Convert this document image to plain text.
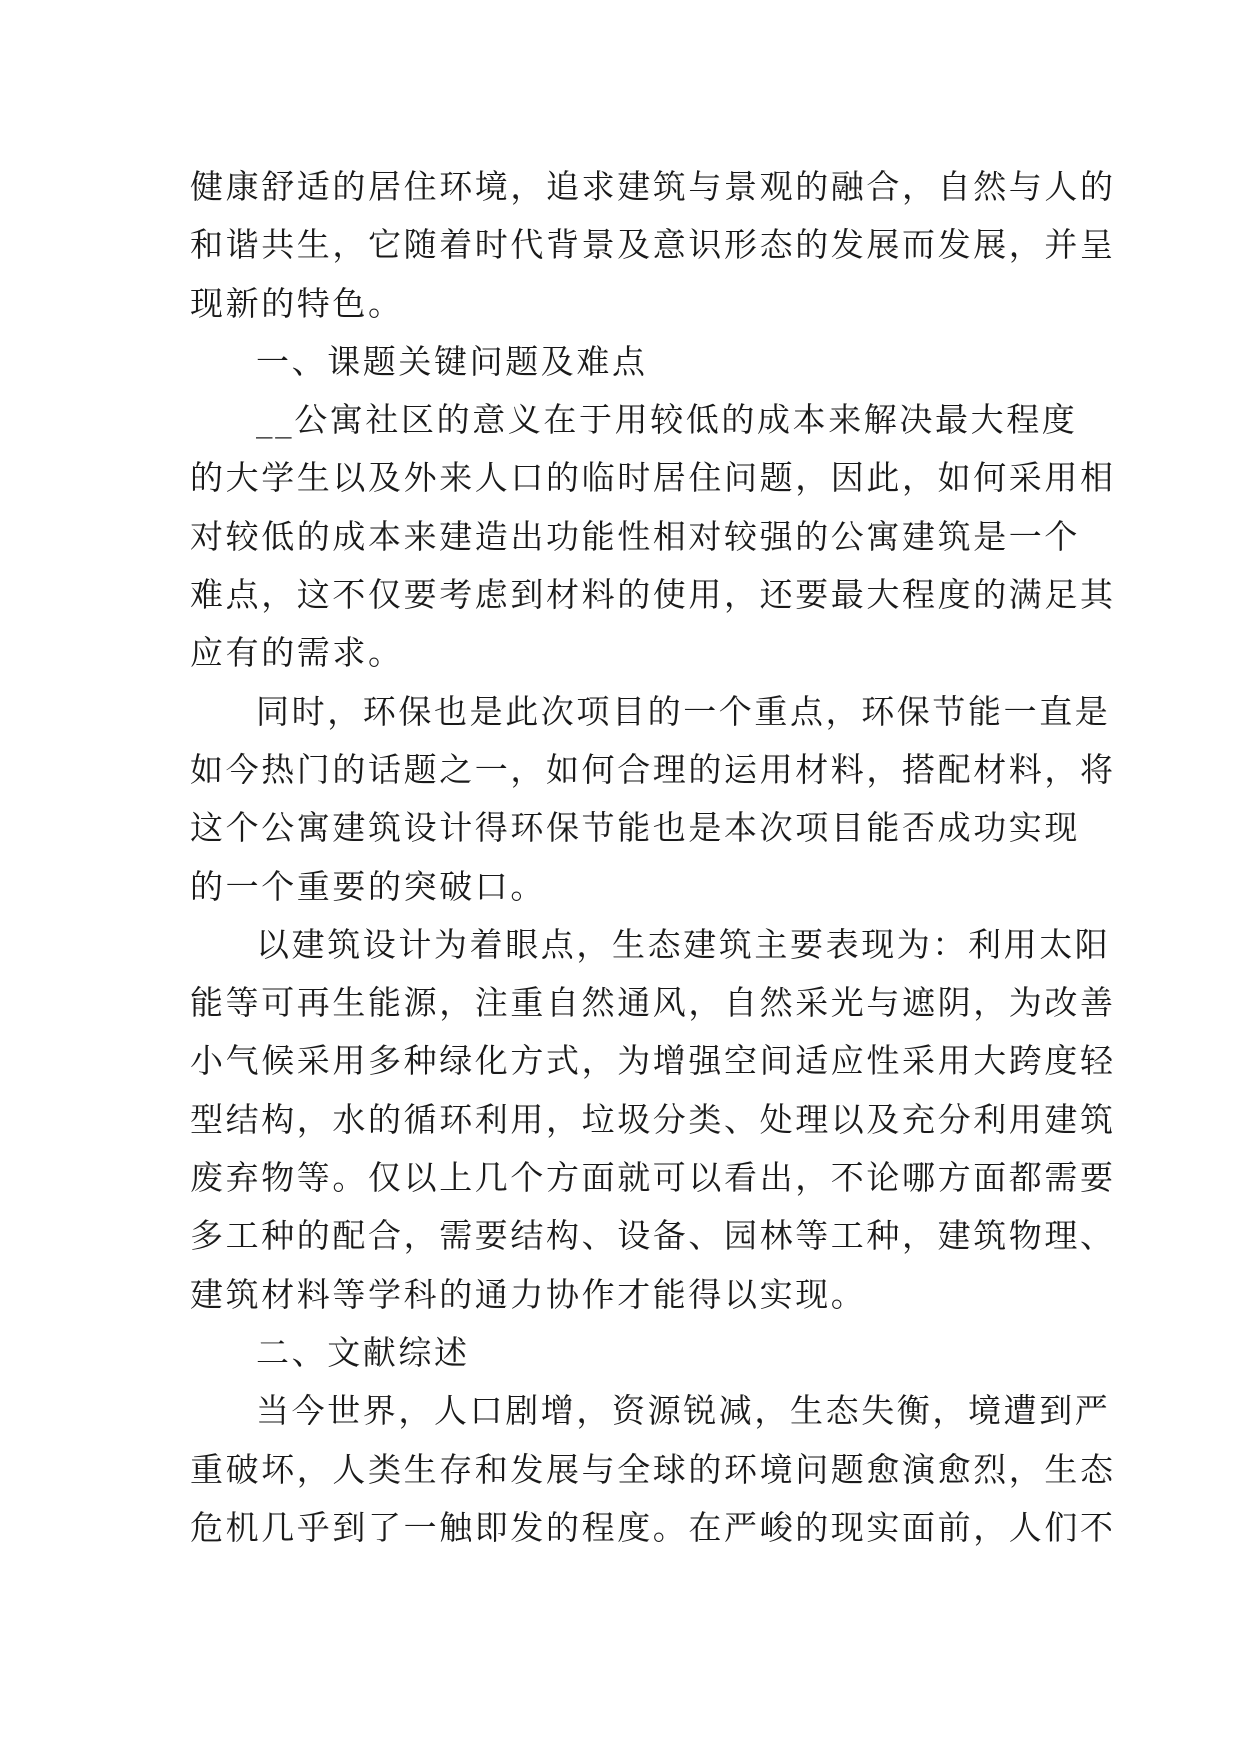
健康舒适的居住环境，追求建筑与景观的融合，自然与人的
和谐共生，它随着时代背景及意识形态的发展而发展，并呈
现新的特色。
一、课题关键问题及难点
__公寓社区的意义在于用较低的成本来解决最大程度
的大学生以及外来人口的临时居住问题，因此，如何采用相
对较低的成本来建造出功能性相对较强的公寓建筑是一个
难点，这不仅要考虑到材料的使用，还要最大程度的满足其
应有的需求。
同时，环保也是此次项目的一个重点，环保节能一直是
如今热门的话题之一，如何合理的运用材料，搭配材料，将
这个公寓建筑设计得环保节能也是本次项目能否成功实现
的一个重要的突破口。
以建筑设计为着眼点，生态建筑主要表现为：利用太阳
能等可再生能源，注重自然通风，自然采光与遮阴，为改善
小气候采用多种绿化方式，为增强空间适应性采用大跨度轻
型结构，水的循环利用，垃圾分类、处理以及充分利用建筑
废弃物等。仅以上几个方面就可以看出，不论哪方面都需要
多工种的配合，需要结构、设备、园林等工种，建筑物理、
建筑材料等学科的通力协作才能得以实现。
二、文献综述
当今世界，人口剧增，资源锐减，生态失衡，境遭到严
重破坏，人类生存和发展与全球的环境问题愈演愈烈，生态
危机几乎到了一触即发的程度。在严峻的现实面前，人们不
